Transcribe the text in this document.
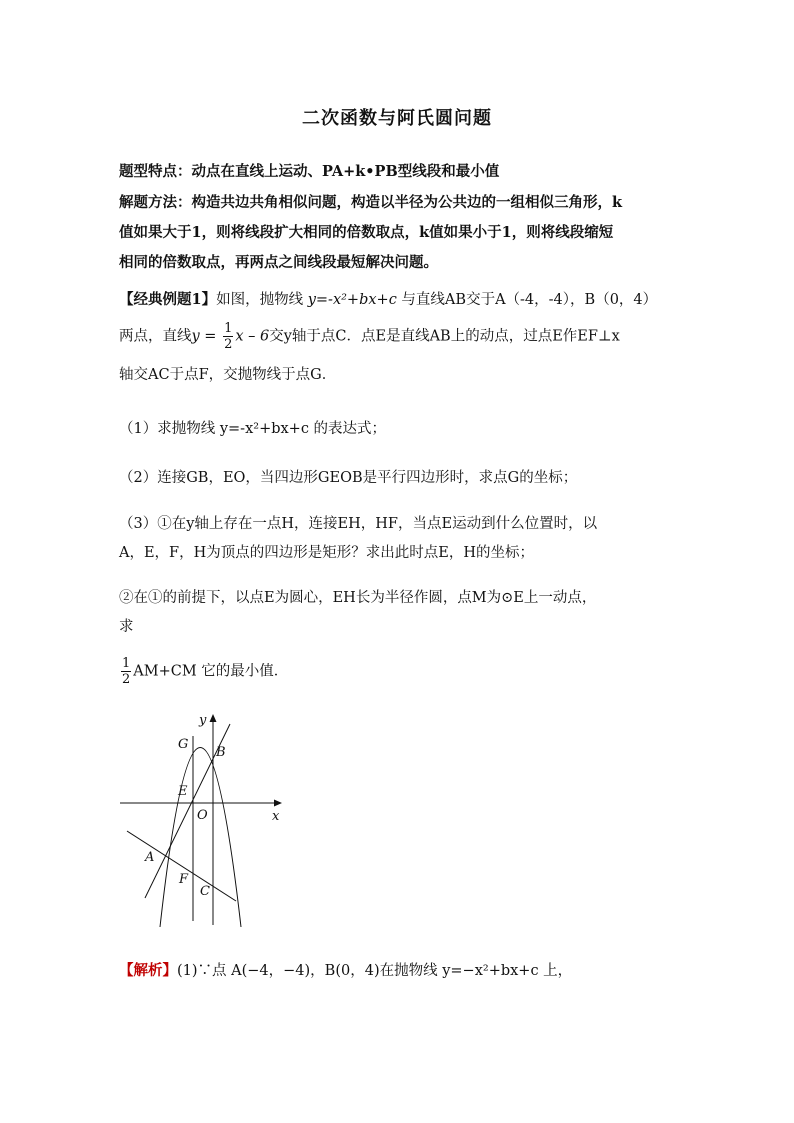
二次函数与阿氏圆问题
题型特点：动点在直线上运动、PA+k•PB型线段和最小值
解题方法：构造共边共角相似问题，构造以半径为公共边的一组相似三角形，k
值如果大于1，则将线段扩大相同的倍数取点，k值如果小于1，则将线段缩短
相同的倍数取点，再两点之间线段最短解决问题。
【经典例题1】如图，抛物线 y=-x²+bx+c 与直线AB交于A（-4，-4），B（0，4）
两点，直线$y = \frac{1}{2}$ x – 6交y轴于点C．点E是直线AB上的动点，过点E作EF⊥x
轴交AC于点F，交抛物线于点G．
（1）求抛物线 y=-x²+bx+c 的表达式；
（2）连接GB，EO，当四边形GEOB是平行四边形时，求点G的坐标；
（3）①在y轴上存在一点H，连接EH，HF，当点E运动到什么位置时，以
A，E，F，H为顶点的四边形是矩形？求出此时点E，H的坐标；
②在①的前提下，以点E为圆心，EH长为半径作圆，点M为⊙E上一动点，
求
$\frac{1}{2} AM+CM$ 它的最小值．
y
x
G
B
E
O
A
F
C
【解析】(1)∵点 A(−4，−4)，B(0，4)在抛物线 y=−x²+bx+c 上，
